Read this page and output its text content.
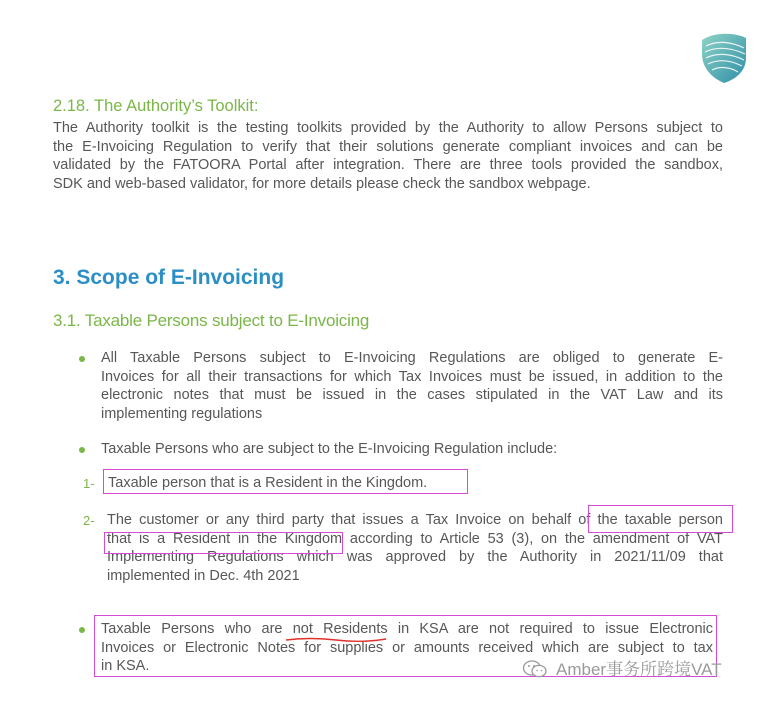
2.18. The Authority’s Toolkit:
The Authority toolkit is the testing toolkits provided by the Authority to allow Persons subject to
the E-Invoicing Regulation to verify that their solutions generate compliant invoices and can be
validated by the FATOORA Portal after integration. There are three tools provided the sandbox,
SDK and web-based validator, for more details please check the sandbox webpage.
3. Scope of E-Invoicing
3.1. Taxable Persons subject to E-Invoicing
All Taxable Persons subject to E-Invoicing Regulations are obliged to generate E-
Invoices for all their transactions for which Tax Invoices must be issued, in addition to the
electronic notes that must be issued in the cases stipulated in the VAT Law and its
implementing regulations
Taxable Persons who are subject to the E-Invoicing Regulation include:
1- Taxable person that is a Resident in the Kingdom.
2- The customer or any third party that issues a Tax Invoice on behalf of the taxable person
that is a Resident in the Kingdom according to Article 53 (3), on the amendment of VAT
Implementing Regulations which was approved by the Authority in 2021/11/09 that
implemented in Dec. 4th 2021
Taxable Persons who are not Residents in KSA are not required to issue Electronic
Invoices or Electronic Notes for supplies or amounts received which are subject to tax
in KSA.	Amber事务所跨境VAT
